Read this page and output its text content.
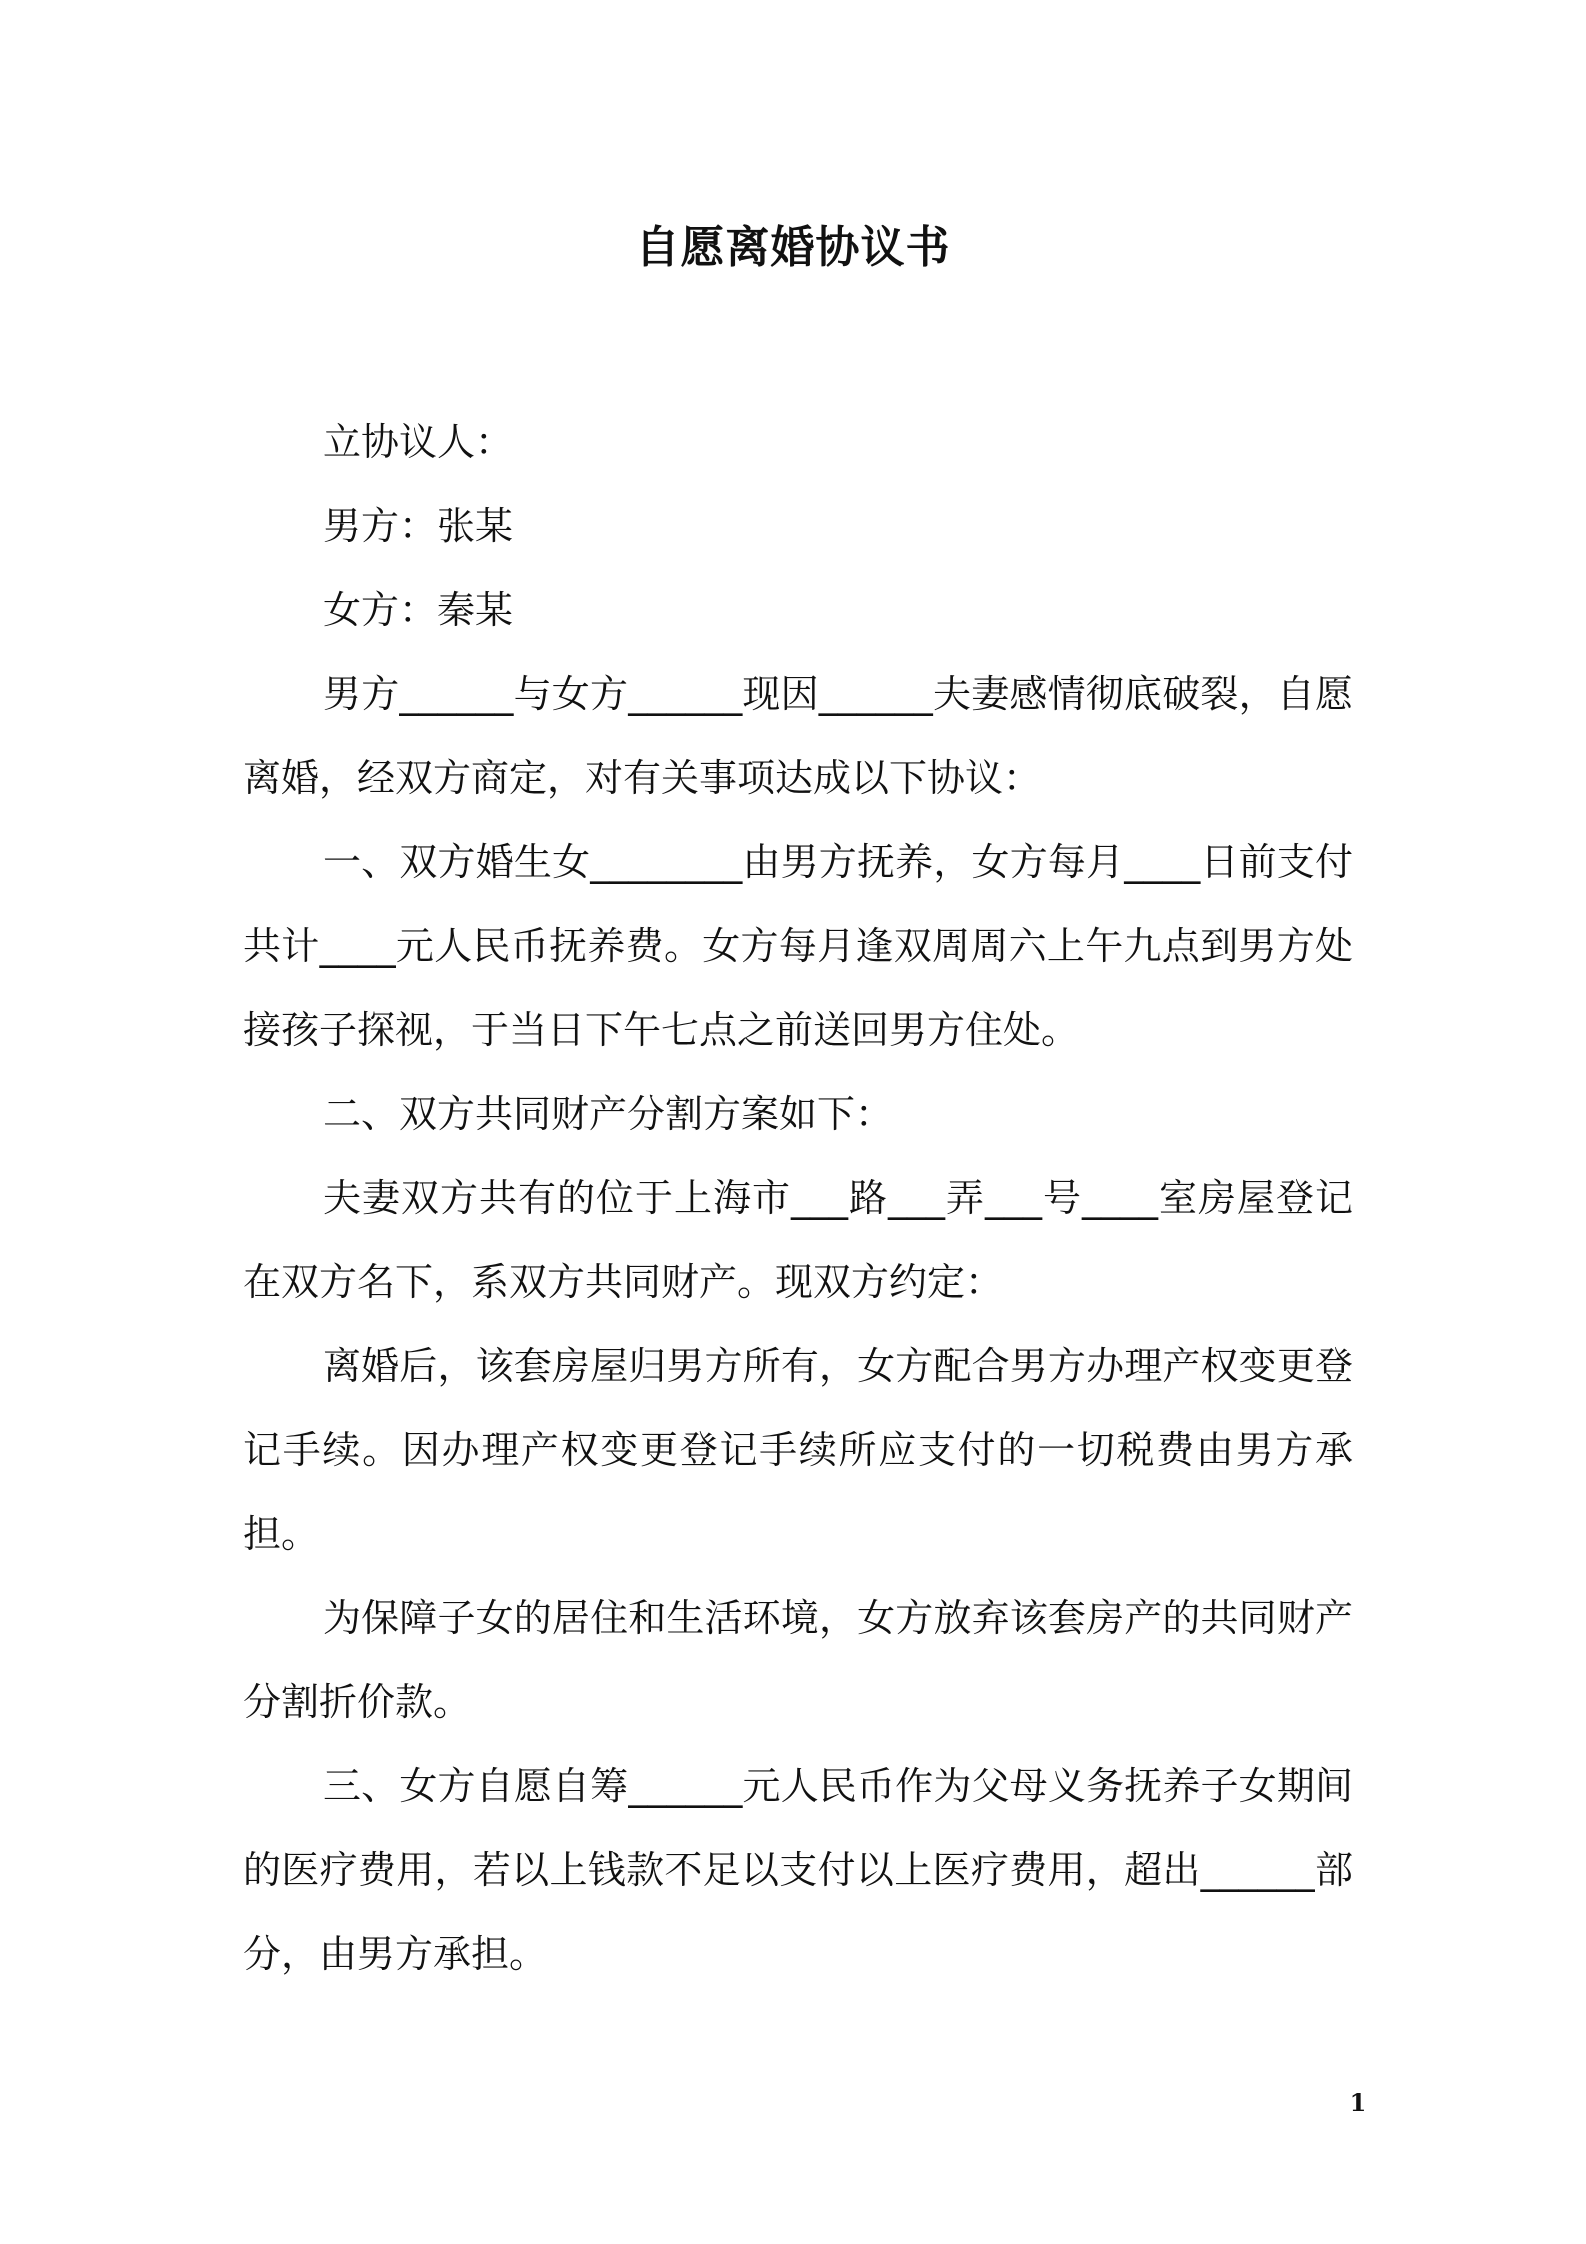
自愿离婚协议书

立协议人：

男方：张某

女方：秦某

男方______与女方______现因______夫妻感情彻底破裂，自愿离婚，经双方商定，对有关事项达成以下协议：

一、双方婚生女________由男方抚养，女方每月____日前支付共计____元人民币抚养费。女方每月逢双周周六上午九点到男方处接孩子探视，于当日下午七点之前送回男方住处。

二、双方共同财产分割方案如下：

夫妻双方共有的位于上海市___路___弄___号____室房屋登记在双方名下，系双方共同财产。现双方约定：

离婚后，该套房屋归男方所有，女方配合男方办理产权变更登记手续。因办理产权变更登记手续所应支付的一切税费由男方承担。

为保障子女的居住和生活环境，女方放弃该套房产的共同财产分割折价款。

三、女方自愿自筹______元人民币作为父母义务抚养子女期间的医疗费用，若以上钱款不足以支付以上医疗费用，超出______部分，由男方承担。

1
